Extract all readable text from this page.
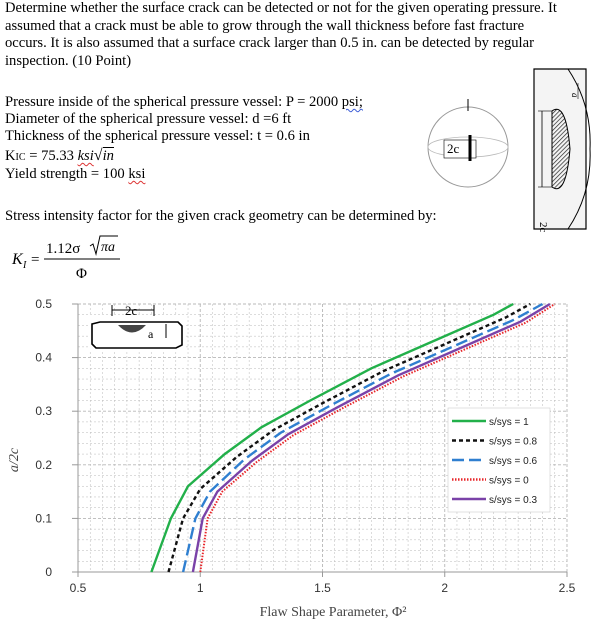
Determine whether the surface crack can be detected or not for the given operating pressure. It assumed that a crack must be able to grow through the wall thickness before fast fracture occurs. It is also assumed that a surface crack larger than 0.5 in. can be detected by regular inspection. (10 Point)

Pressure inside of the spherical pressure vessel: P = 2000 psi;
Diameter of the spherical pressure vessel: d =6 ft
Thickness of the spherical pressure vessel: t = 0.6 in
KIC = 75.33 ksi√in
Yield strength = 100 ksi
Stress intensity factor for the given crack geometry can be determined by:
K I =
1.12σ πa
Φ
2c
2c
a
0
0.1
0.2
0.3
0.4
0.5
0.5	1	1.5	2	2.5
2c
a
s/sys = 1
s/sys = 0.8
s/sys = 0.6
s/sys = 0
s/sys = 0.3
Flaw Shape Parameter, Φ²
a/2c
